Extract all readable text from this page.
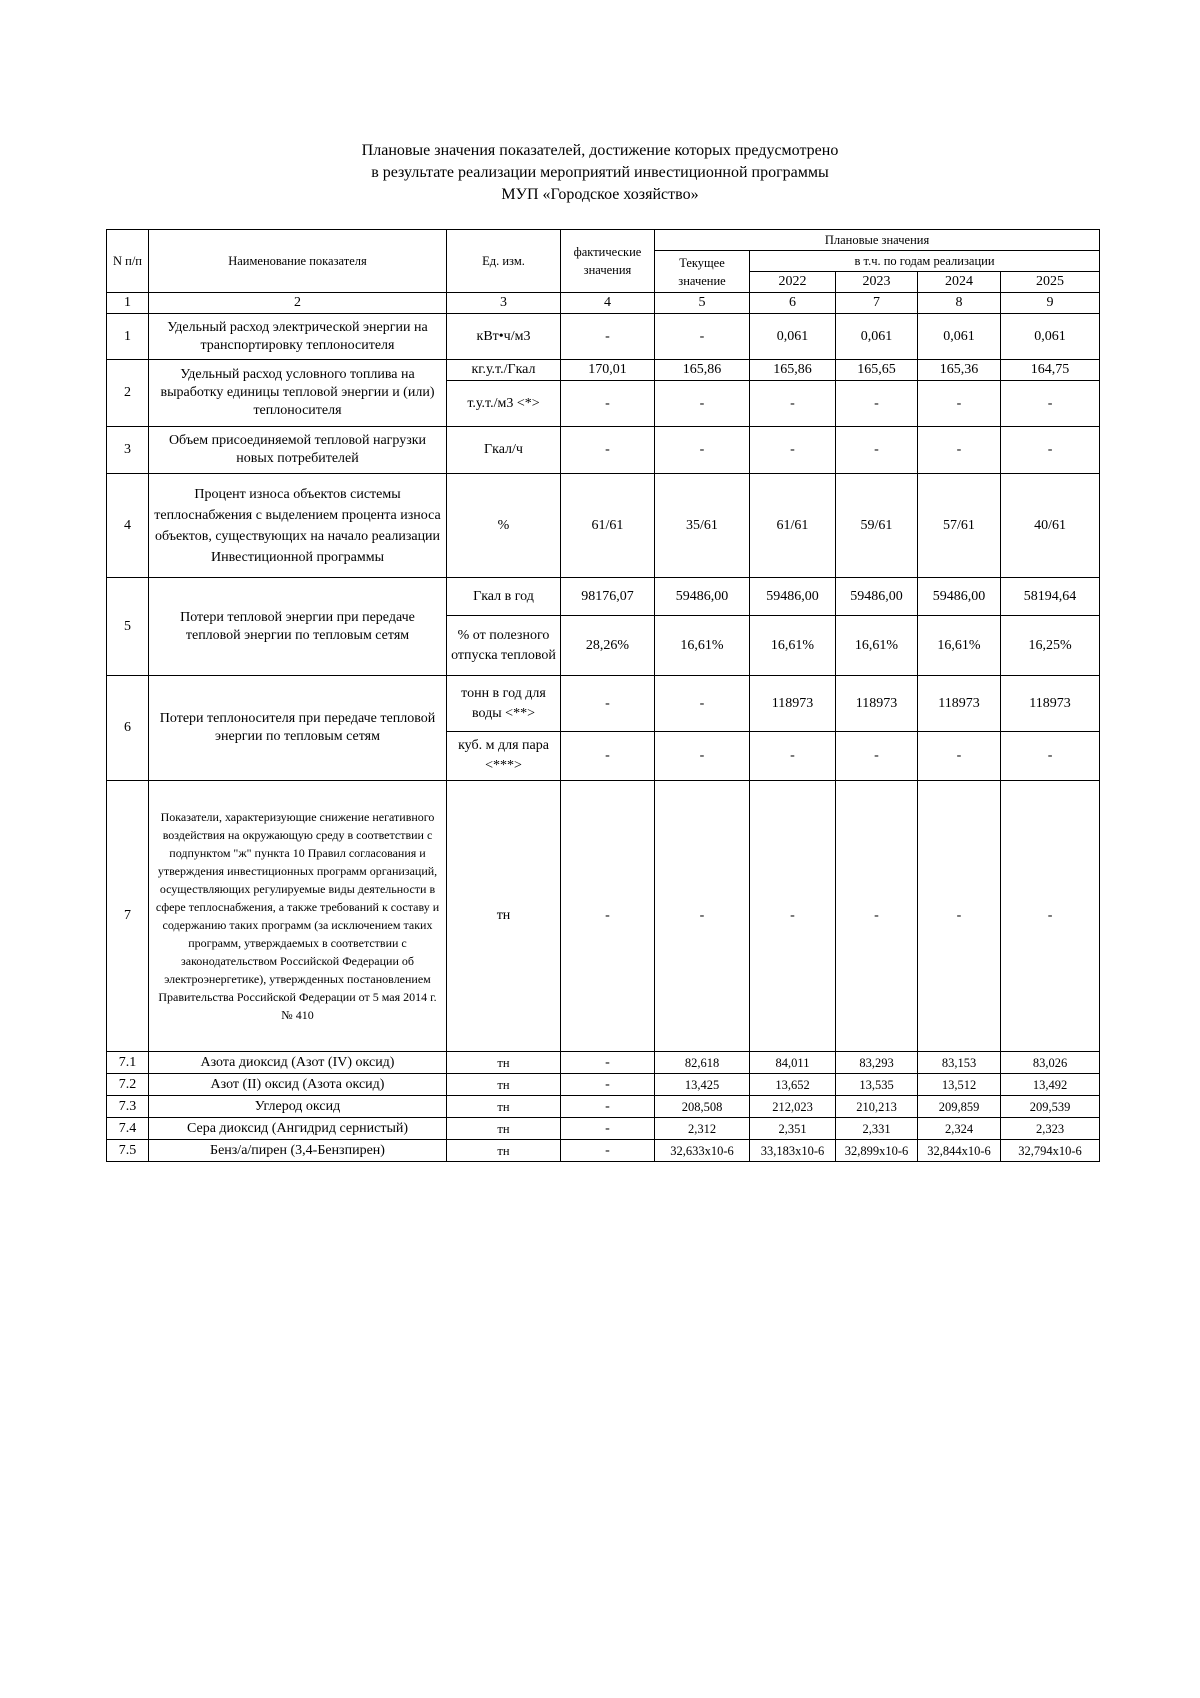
Плановые значения показателей, достижение которых предусмотрено
в результате реализации мероприятий инвестиционной программы
МУП «Городское хозяйство»
N п/п	Наименование показателя	Ед. изм.	фактические значения	Плановые значения				
				Текущее значение	в т.ч. по годам реализации			
					2022	2023	2024	2025
1	2	3	4	5	6	7	8	9
1	Удельный расход электрической энергии на транспортировку теплоносителя	кВт•ч/м3	-	-	0,061	0,061	0,061	0,061
2	Удельный расход условного топлива на выработку единицы тепловой энергии и (или) теплоносителя	кг.у.т./Гкал	170,01	165,86	165,86	165,65	165,36	164,75
		т.у.т./м3 <*>	-	-	-	-	-	-
3	Объем присоединяемой тепловой нагрузки новых потребителей	Гкал/ч	-	-	-	-	-	-
4	Процент износа объектов системы теплоснабжения с выделением процента износа объектов, существующих на начало реализации Инвестиционной программы	%	61/61	35/61	61/61	59/61	57/61	40/61
5	Потери тепловой энергии при передаче тепловой энергии по тепловым сетям	Гкал в год	98176,07	59486,00	59486,00	59486,00	59486,00	58194,64
		% от полезного отпуска тепловой	28,26%	16,61%	16,61%	16,61%	16,61%	16,25%
6	Потери теплоносителя при передаче тепловой энергии по тепловым сетям	тонн в год для воды <**>	-	-	118973	118973	118973	118973
		куб. м для пара <***>	-	-	-	-	-	-
7	Показатели, характеризующие снижение негативного воздействия на окружающую среду в соответствии с подпунктом "ж" пункта 10 Правил согласования и утверждения инвестиционных программ организаций, осуществляющих регулируемые виды деятельности в сфере теплоснабжения, а также требований к составу и содержанию таких программ (за исключением таких программ, утверждаемых в соответствии с законодательством Российской Федерации об электроэнергетике), утвержденных постановлением Правительства Российской Федерации от 5 мая 2014 г. № 410	тн	-	-	-	-	-	-
7.1	Азота диоксид (Азот (IV) оксид)	тн	-	82,618	84,011	83,293	83,153	83,026
7.2	Азот (II) оксид (Азота оксид)	тн	-	13,425	13,652	13,535	13,512	13,492
7.3	Углерод оксид	тн	-	208,508	212,023	210,213	209,859	209,539
7.4	Сера диоксид (Ангидрид сернистый)	тн	-	2,312	2,351	2,331	2,324	2,323
7.5	Бенз/а/пирен (3,4-Бензпирен)	тн	-	32,633х10-6	33,183х10-6	32,899х10-6	32,844х10-6	32,794х10-6
